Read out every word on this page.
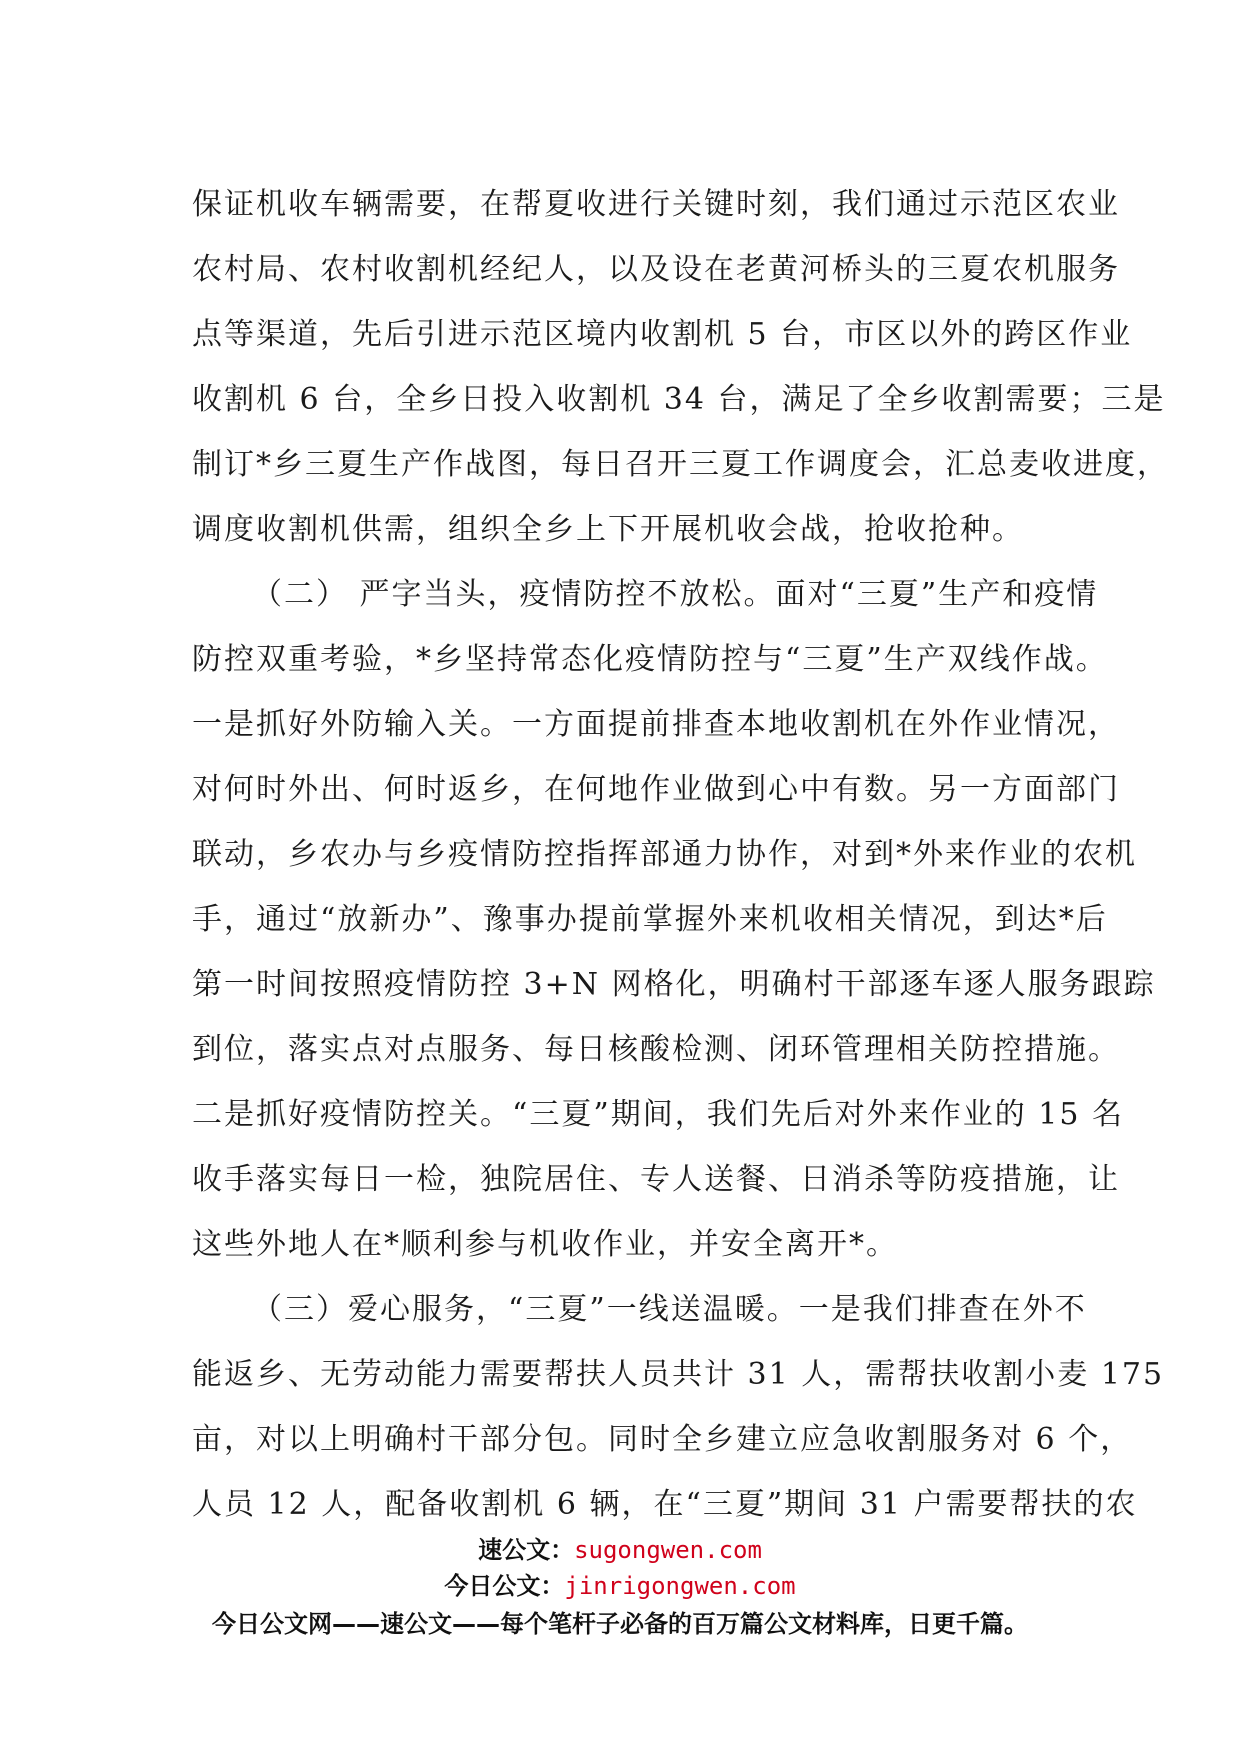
保 证 机 收 车 辆 需 要 ， 在 帮 夏 收 进 行 关 键 时 刻 ， 我 们 通 过 示 范 区 农 业
农 村 局 、 农 村 收 割 机 经 纪 人 ， 以 及 设 在 老 黄 河 桥 头 的 三 夏 农 机 服 务
点 等 渠 道 ， 先 后 引 进 示 范 区 境 内 收 割 机
5
台 ， 市 区 以 外 的 跨 区 作 业
收 割 机
6
台 ， 全 乡 日 投 入 收 割 机
3 4
台 ， 满 足 了 全 乡 收 割 需 要 ； 三 是
制 订 * 乡 三 夏 生 产 作 战 图 ， 每 日 召 开 三 夏 工 作 调 度 会 ， 汇 总 麦 收 进 度 ，
调度收割机供需，组织全乡上下开展机收会战，抢收抢种。
（ 二 ）
严 字 当 头 ， 疫 情 防 控 不 放 松 。 面 对 “ 三 夏 ” 生 产 和 疫 情
防 控 双 重 考 验 ， * 乡 坚 持 常 态 化 疫 情 防 控 与 “ 三 夏 ” 生 产 双 线 作 战 。
一 是 抓 好 外 防 输 入 关 。 一 方 面 提 前 排 查 本 地 收 割 机 在 外 作 业 情 况 ，
对 何 时 外 出 、 何 时 返 乡 ， 在 何 地 作 业 做 到 心 中 有 数 。 另 一 方 面 部 门
联 动 ， 乡 农 办 与 乡 疫 情 防 控 指 挥 部 通 力 协 作 ， 对 到 * 外 来 作 业 的 农 机
手 ， 通 过 “ 放 新 办 ” 、 豫 事 办 提 前 掌 握 外 来 机 收 相 关 情 况 ， 到 达 * 后
第 一 时 间 按 照 疫 情 防 控
3 + N
网 格 化 ， 明 确 村 干 部 逐 车 逐 人 服 务 跟 踪
到 位 ， 落 实 点 对 点 服 务 、 每 日 核 酸 检 测 、 闭 环 管 理 相 关 防 控 措 施 。
二 是 抓 好 疫 情 防 控 关 。 “ 三 夏 ” 期 间 ， 我 们 先 后 对 外 来 作 业 的
1 5
名
收 手 落 实 每 日 一 检 ， 独 院 居 住 、 专 人 送 餐 、 日 消 杀 等 防 疫 措 施 ， 让
这些外地人在*顺利参与机收作业，并安全离开*。
（ 三 ） 爱 心 服 务 ， “ 三 夏 ” 一 线 送 温 暖 。 一 是 我 们 排 查 在 外 不
能 返 乡 、 无 劳 动 能 力 需 要 帮 扶 人 员 共 计
3 1
人 ， 需 帮 扶 收 割 小 麦
1 7 5
亩 ， 对 以 上 明 确 村 干 部 分 包 。 同 时 全 乡 建 立 应 急 收 割 服 务 对
6
个 ，
人 员
1 2
人 ， 配 备 收 割 机
6
辆 ， 在 “ 三 夏 ” 期 间
3 1
户 需 要 帮 扶 的 农
速公文：sugongwen.com
今日公文：jinrigongwen.com
今日公文网——速公文——每个笔杆子必备的百万篇公文材料库，日更千篇。
